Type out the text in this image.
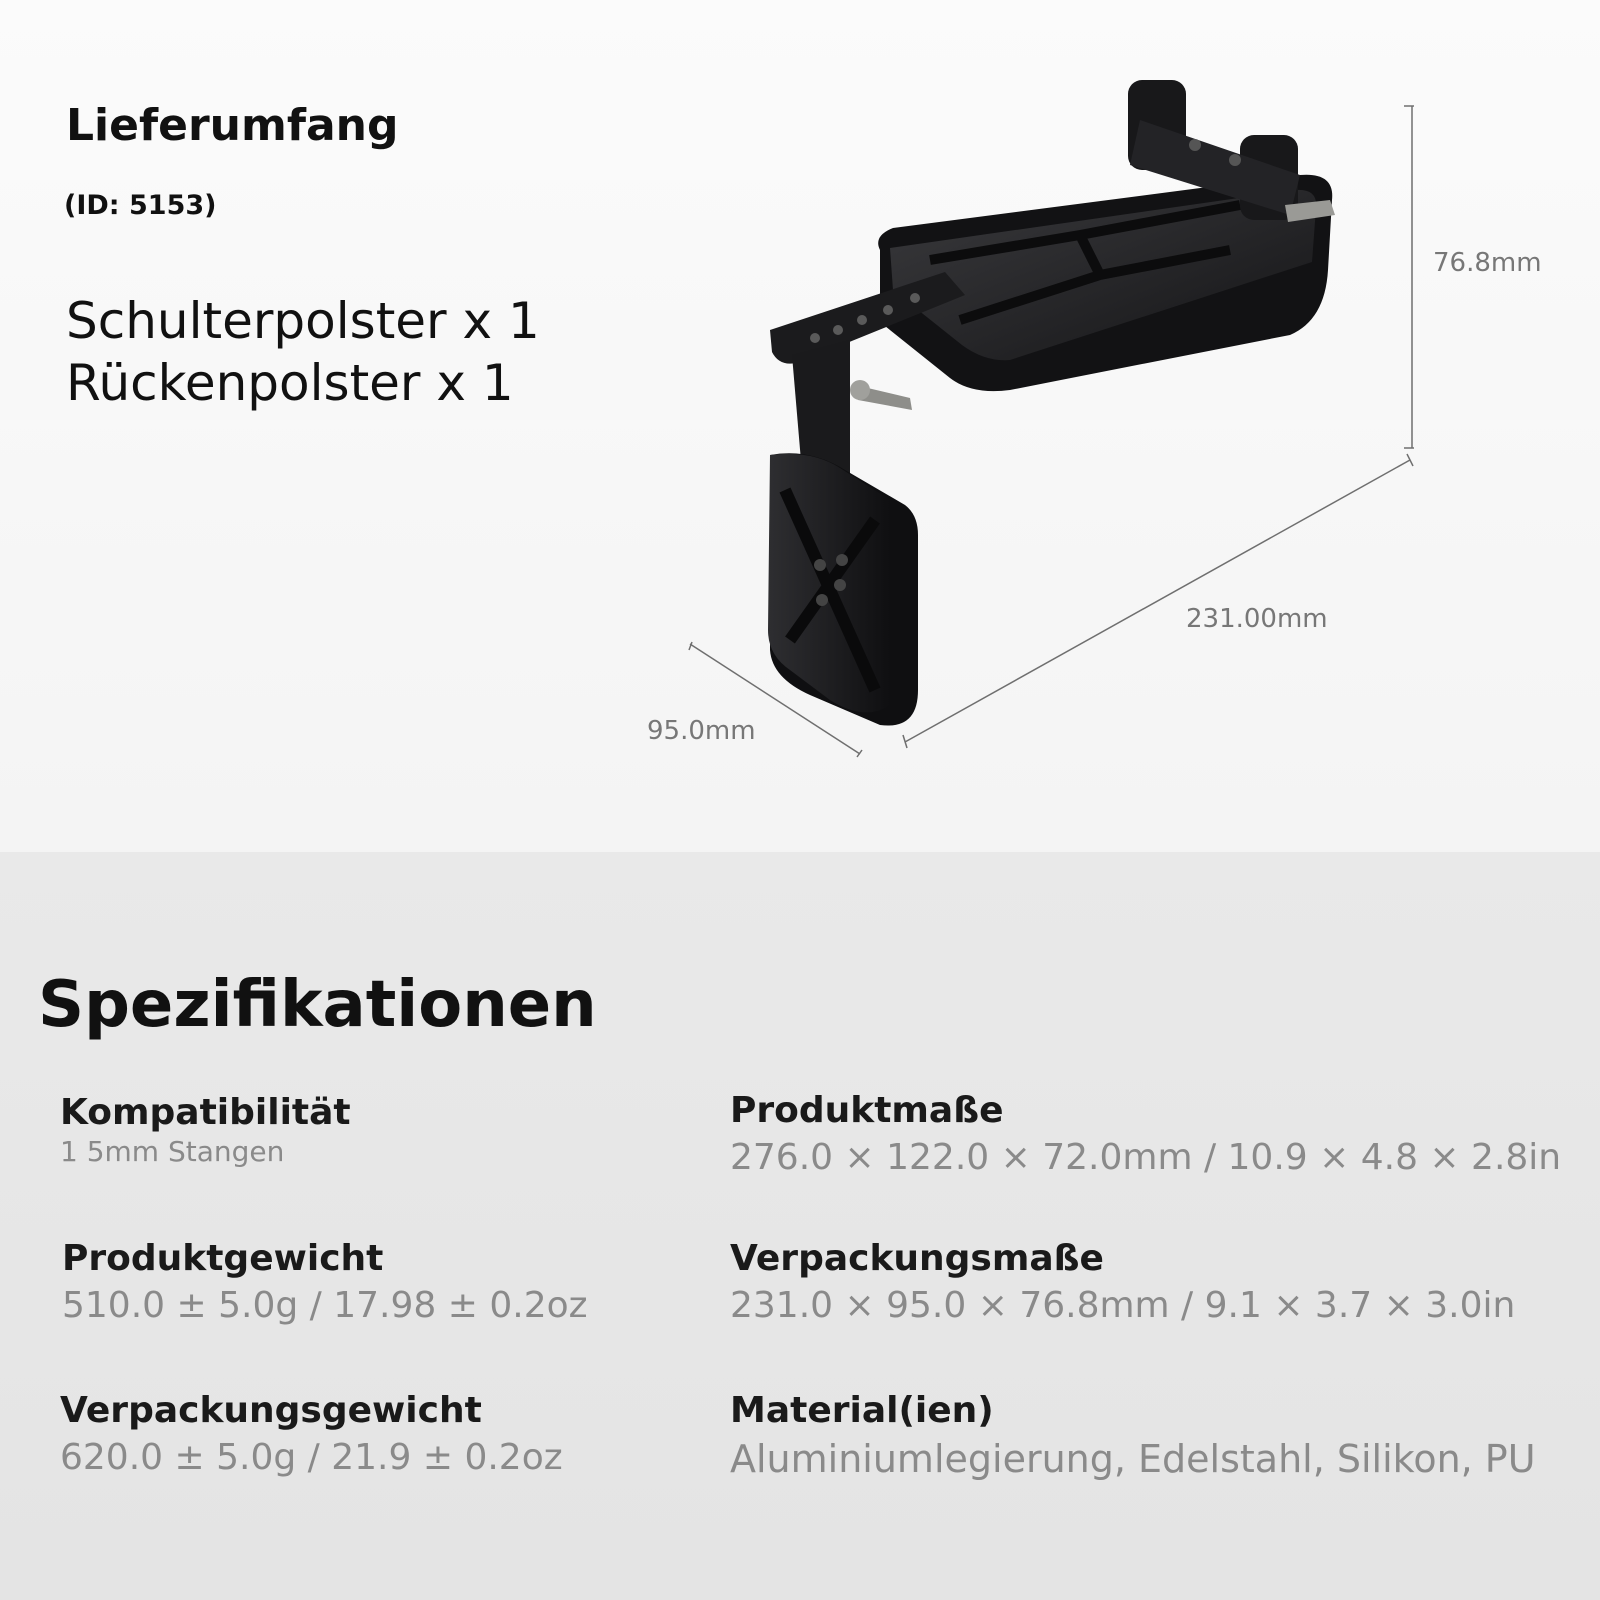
Lieferumfang
(ID: 5153)
Schulterpolster x 1
Rückenpolster x 1
76.8mm
231.00mm
95.0mm
Spezifikationen
Kompatibilität
1 5mm Stangen
Produktmaße
276.0 × 122.0 × 72.0mm / 10.9 × 4.8 × 2.8in
Produktgewicht
510.0 ± 5.0g / 17.98 ± 0.2oz
Verpackungsmaße
231.0 × 95.0 × 76.8mm / 9.1 × 3.7 × 3.0in
Verpackungsgewicht
620.0 ± 5.0g / 21.9 ± 0.2oz
Material(ien)
Aluminiumlegierung, Edelstahl, Silikon, PU
